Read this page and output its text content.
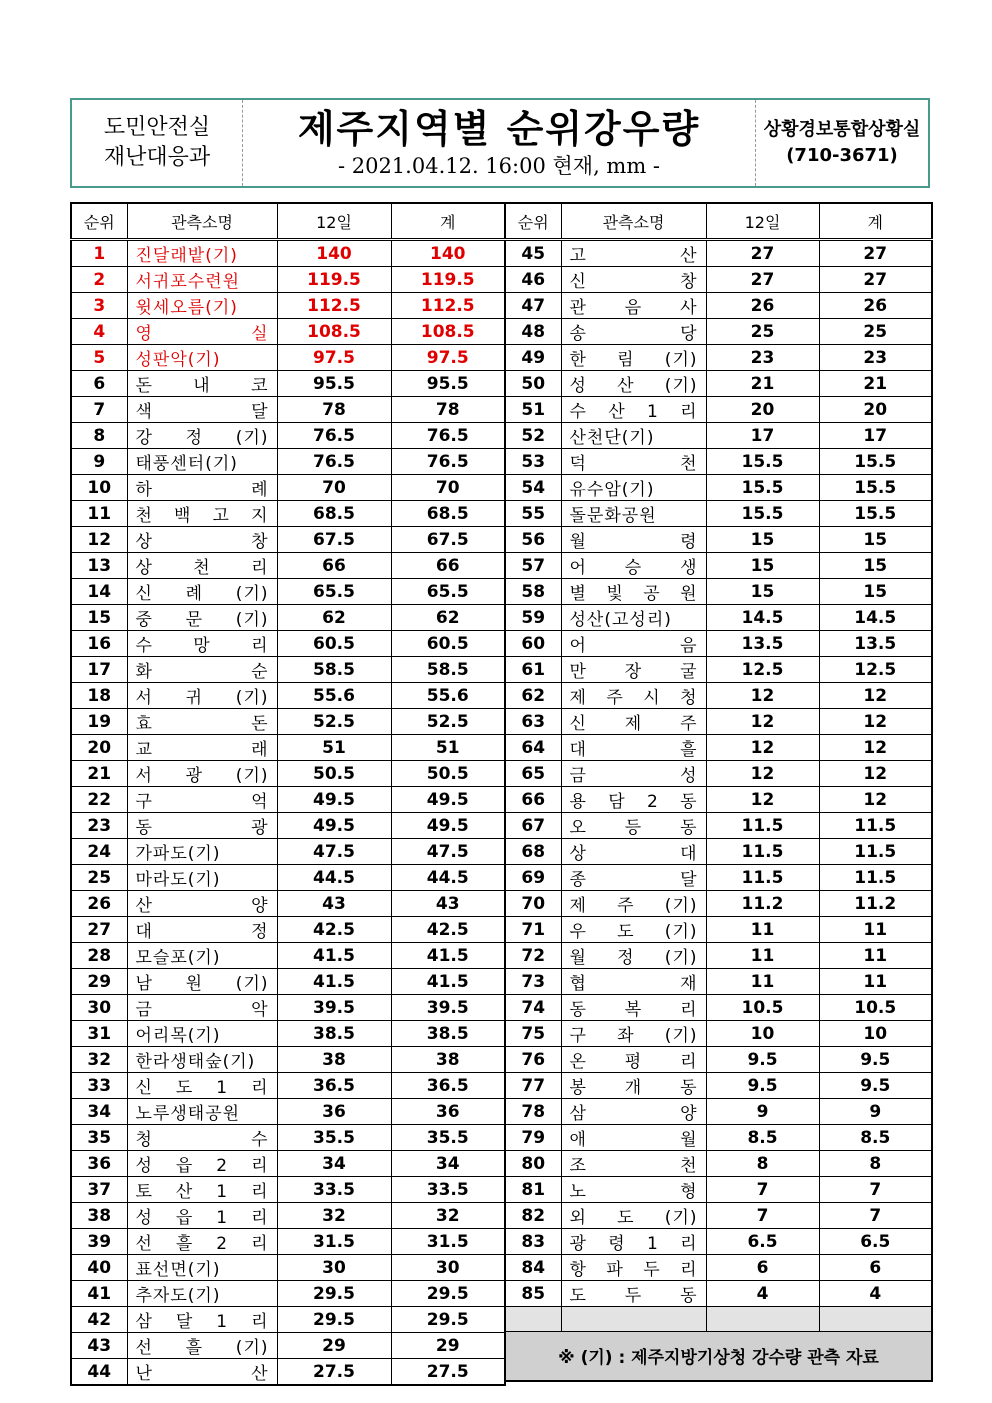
도민안전실
재난대응과
제주지역별 순위강우량
- 2021.04.12. 16:00 현재, mm -
상황경보통합상황실
(710-3671)
순위	관측소명	12일	계
1	진달래밭(기)	140	140
2	서귀포수련원	119.5	119.5
3	윗세오름(기)	112.5	112.5
4	영 실	108.5	108.5
5	성판악(기)	97.5	97.5
6	돈 내 코	95.5	95.5
7	색 달	78	78
8	강 정 (기)	76.5	76.5
9	태풍센터(기)	76.5	76.5
10	하 례	70	70
11	천 백 고 지	68.5	68.5
12	상 창	67.5	67.5
13	상 천 리	66	66
14	신 례 (기)	65.5	65.5
15	중 문 (기)	62	62
16	수 망 리	60.5	60.5
17	화 순	58.5	58.5
18	서 귀 (기)	55.6	55.6
19	효 돈	52.5	52.5
20	교 래	51	51
21	서 광 (기)	50.5	50.5
22	구 억	49.5	49.5
23	동 광	49.5	49.5
24	가파도(기)	47.5	47.5
25	마라도(기)	44.5	44.5
26	산 양	43	43
27	대 정	42.5	42.5
28	모슬포(기)	41.5	41.5
29	남 원 (기)	41.5	41.5
30	금 악	39.5	39.5
31	어리목(기)	38.5	38.5
32	한라생태숲(기)	38	38
33	신 도 1 리	36.5	36.5
34	노루생태공원	36	36
35	청 수	35.5	35.5
36	성 읍 2 리	34	34
37	토 산 1 리	33.5	33.5
38	성 읍 1 리	32	32
39	선 흘 2 리	31.5	31.5
40	표선면(기)	30	30
41	추자도(기)	29.5	29.5
42	삼 달 1 리	29.5	29.5
43	선 흘 (기)	29	29
44	난 산	27.5	27.5
순위	관측소명	12일	계
45	고 산	27	27
46	신 창	27	27
47	관 음 사	26	26
48	송 당	25	25
49	한 림 (기)	23	23
50	성 산 (기)	21	21
51	수 산 1 리	20	20
52	산천단(기)	17	17
53	덕 천	15.5	15.5
54	유수암(기)	15.5	15.5
55	돌문화공원	15.5	15.5
56	월 령	15	15
57	어 승 생	15	15
58	별 빛 공 원	15	15
59	성산(고성리)	14.5	14.5
60	어 음	13.5	13.5
61	만 장 굴	12.5	12.5
62	제 주 시 청	12	12
63	신 제 주	12	12
64	대 흘	12	12
65	금 성	12	12
66	용 담 2 동	12	12
67	오 등 동	11.5	11.5
68	상 대	11.5	11.5
69	종 달	11.5	11.5
70	제 주 (기)	11.2	11.2
71	우 도 (기)	11	11
72	월 정 (기)	11	11
73	협 재	11	11
74	동 복 리	10.5	10.5
75	구 좌 (기)	10	10
76	온 평 리	9.5	9.5
77	봉 개 동	9.5	9.5
78	삼 양	9	9
79	애 월	8.5	8.5
80	조 천	8	8
81	노 형	7	7
82	외 도 (기)	7	7
83	광 령 1 리	6.5	6.5
84	항 파 두 리	6	6
85	도 두 동	4	4

※ (기) : 제주지방기상청 강수량 관측 자료			
